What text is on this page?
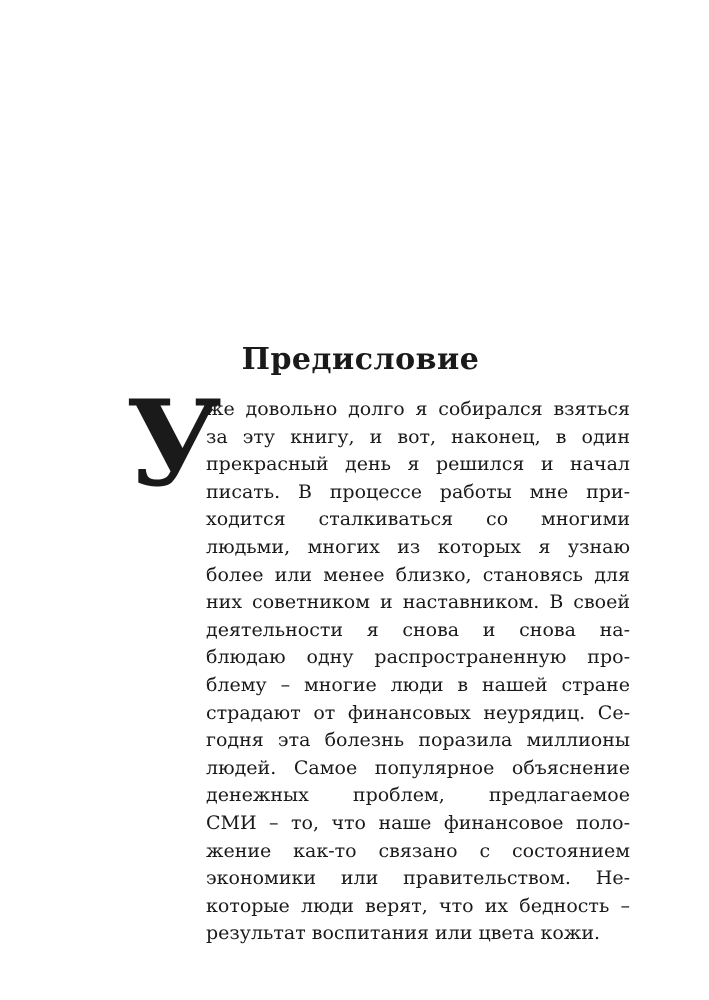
Предисловие
У
же довольно долго я собирался взяться
за эту книгу, и вот, наконец, в один
прекрасный день я решился и начал
писать. В процессе работы мне при-
ходится сталкиваться со многими
людьми, многих из которых я узнаю
более или менее близко, становясь для
них советником и наставником. В своей
деятельности я снова и снова на-
блюдаю одну распространенную про-
блему – многие люди в нашей стране
страдают от финансовых неурядиц. Се-
годня эта болезнь поразила миллионы
людей. Самое популярное объяснение
денежных проблем, предлагаемое
СМИ – то, что наше финансовое поло-
жение как-то связано с состоянием
экономики или правительством. Не-
которые люди верят, что их бедность –
результат воспитания или цвета кожи.
